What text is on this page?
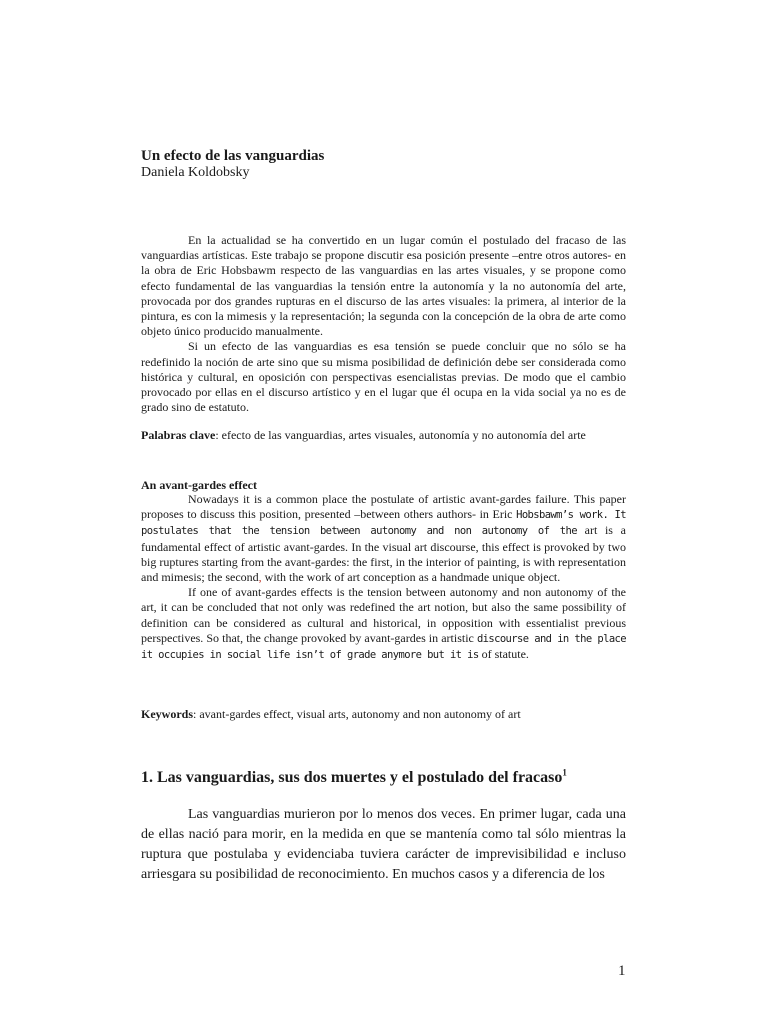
Un efecto de las vanguardias
Daniela Koldobsky

En la actualidad se ha convertido en un lugar común el postulado del fracaso de las vanguardias artísticas. Este trabajo se propone discutir esa posición presente –entre otros autores- en la obra de Eric Hobsbawm respecto de las vanguardias en las artes visuales, y se propone como efecto fundamental de las vanguardias la tensión entre la autonomía y la no autonomía del arte, provocada por dos grandes rupturas en el discurso de las artes visuales: la primera, al interior de la pintura, es con la mimesis y la representación; la segunda con la concepción de la obra de arte como objeto único producido manualmente.

Si un efecto de las vanguardias es esa tensión se puede concluir que no sólo se ha redefinido la noción de arte sino que su misma posibilidad de definición debe ser considerada como histórica y cultural, en oposición con perspectivas esencialistas previas. De modo que el cambio provocado por ellas en el discurso artístico y en el lugar que él ocupa en la vida social ya no es de grado sino de estatuto.

Palabras clave: efecto de las vanguardias, artes visuales, autonomía y no autonomía del arte
An avant-gardes effect

Nowadays it is a common place the postulate of artistic avant-gardes failure. This paper proposes to discuss this position, presented –between others authors- in Eric Hobsbawm’s work. It postulates that the tension between autonomy and non autonomy of the art is a fundamental effect of artistic avant-gardes. In the visual art discourse, this effect is provoked by two big ruptures starting from the avant-gardes: the first, in the interior of painting, is with representation and mimesis; the second, with the work of art conception as a handmade unique object.

If one of avant-gardes effects is the tension between autonomy and non autonomy of the art, it can be concluded that not only was redefined the art notion, but also the same possibility of definition can be considered as cultural and historical, in opposition with essentialist previous perspectives. So that, the change provoked by avant-gardes in artistic discourse and in the place it occupies in social life isn’t of grade anymore but it is of statute.

Keywords: avant-gardes effect, visual arts, autonomy and non autonomy of art
1. Las vanguardias, sus dos muertes y el postulado del fracaso$^1$

Las vanguardias murieron por lo menos dos veces. En primer lugar, cada una de ellas nació para morir, en la medida en que se mantenía como tal sólo mientras la ruptura que postulaba y evidenciaba tuviera carácter de imprevisibilidad e incluso arriesgara su posibilidad de reconocimiento. En muchos casos y a diferencia de los

1
